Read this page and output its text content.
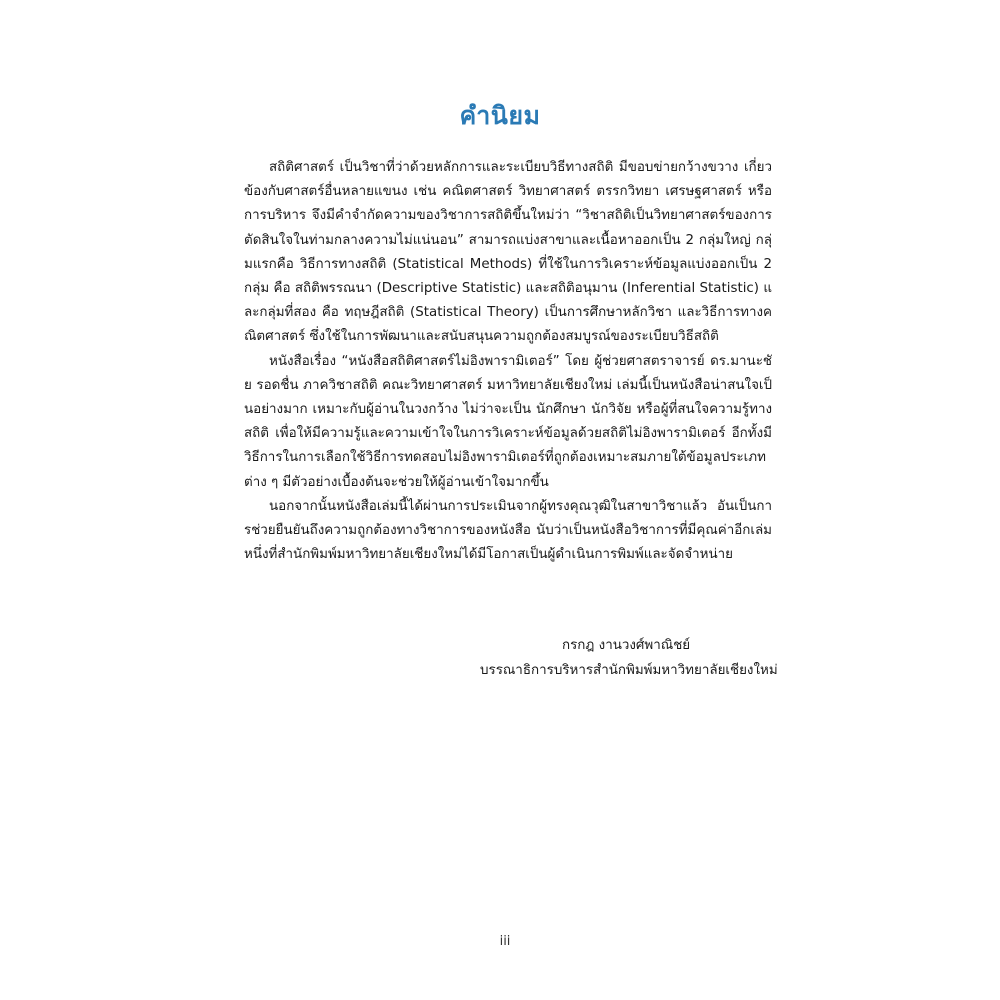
คำนิยม

สถิติศาสตร์ เป็นวิชาที่ว่าด้วยหลักการและระเบียบวิธีทางสถิติ มีขอบข่ายกว้างขวาง เกี่ยวข้องกับศาสตร์อื่นหลายแขนง เช่น คณิตศาสตร์ วิทยาศาสตร์ ตรรกวิทยา เศรษฐศาสตร์ หรือ การบริหาร จึงมีคำจำกัดความของวิชาการสถิติขึ้นใหม่ว่า “วิชาสถิติเป็นวิทยาศาสตร์ของการตัดสินใจในท่ามกลางความไม่แน่นอน” สามารถแบ่งสาขาและเนื้อหาออกเป็น 2 กลุ่มใหญ่ กลุ่มแรกคือ วิธีการทางสถิติ (Statistical Methods) ที่ใช้ในการวิเคราะห์ข้อมูลแบ่งออกเป็น 2 กลุ่ม คือ สถิติพรรณนา (Descriptive Statistic) และสถิติอนุมาน (Inferential Statistic) และกลุ่มที่สอง คือ ทฤษฎีสถิติ (Statistical Theory) เป็นการศึกษาหลักวิชา และวิธีการทางคณิตศาสตร์ ซึ่งใช้ในการพัฒนาและสนับสนุนความถูกต้องสมบูรณ์ของระเบียบวิธีสถิติ

หนังสือเรื่อง “หนังสือสถิติศาสตร์ไม่อิงพารามิเตอร์” โดย ผู้ช่วยศาสตราจารย์ ดร.มานะชัย รอดชื่น ภาควิชาสถิติ คณะวิทยาศาสตร์ มหาวิทยาลัยเชียงใหม่ เล่มนี้เป็นหนังสือน่าสนใจเป็นอย่างมาก เหมาะกับผู้อ่านในวงกว้าง ไม่ว่าจะเป็น นักศึกษา นักวิจัย หรือผู้ที่สนใจความรู้ทางสถิติ เพื่อให้มีความรู้และความเข้าใจในการวิเคราะห์ข้อมูลด้วยสถิติไม่อิงพารามิเตอร์ อีกทั้งมีวิธีการในการเลือกใช้วิธีการทดสอบไม่อิงพารามิเตอร์ที่ถูกต้องเหมาะสมภายใต้ข้อมูลประเภทต่าง ๆ มีตัวอย่างเบื้องต้นจะช่วยให้ผู้อ่านเข้าใจมากขึ้น

นอกจากนั้นหนังสือเล่มนี้ได้ผ่านการประเมินจากผู้ทรงคุณวุฒิในสาขาวิชาแล้ว อันเป็นการช่วยยืนยันถึงความถูกต้องทางวิชาการของหนังสือ นับว่าเป็นหนังสือวิชาการที่มีคุณค่าอีกเล่มหนึ่งที่สำนักพิมพ์มหาวิทยาลัยเชียงใหม่ได้มีโอกาสเป็นผู้ดำเนินการพิมพ์และจัดจำหน่าย

กรกฎ งานวงศ์พาณิชย์
บรรณาธิการบริหารสำนักพิมพ์มหาวิทยาลัยเชียงใหม่
iii
